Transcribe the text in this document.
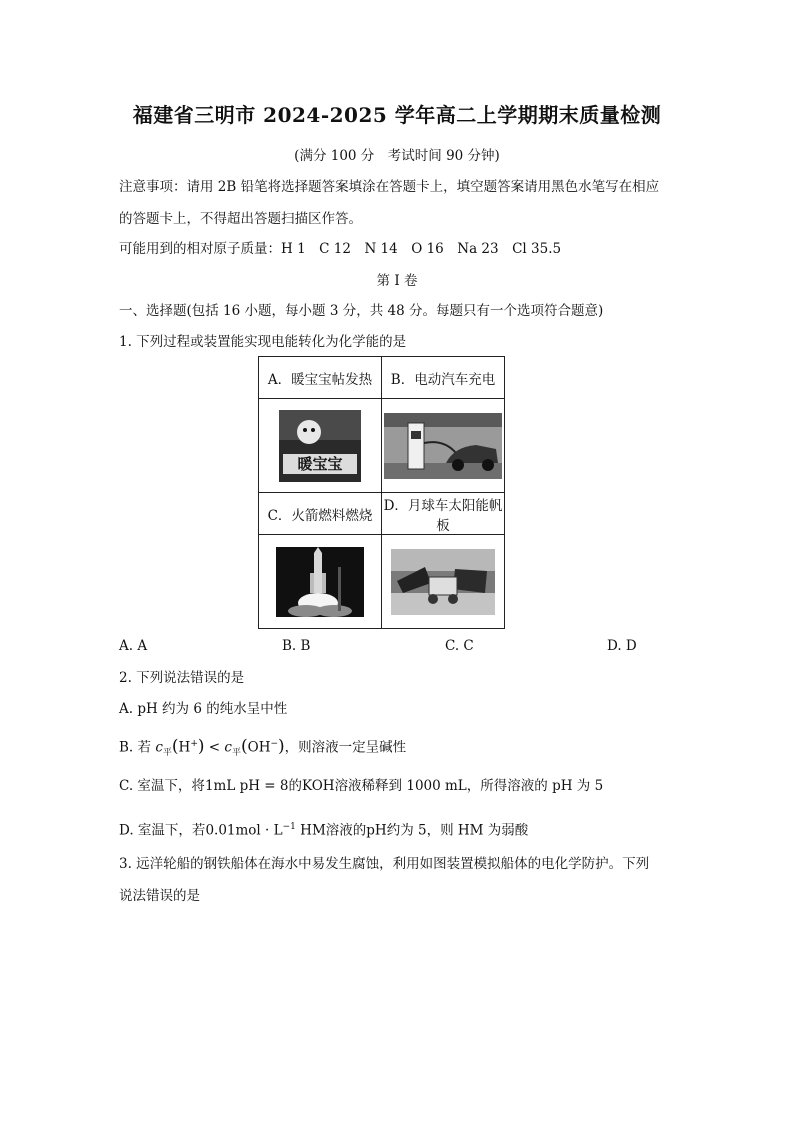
福建省三明市 2024-2025 学年高二上学期期末质量检测
(满分 100 分　考试时间 90 分钟)
注意事项：请用 2B 铅笔将选择题答案填涂在答题卡上，填空题答案请用黑色水笔写在相应
的答题卡上，不得超出答题扫描区作答。
可能用到的相对原子质量：H 1　C 12　N 14　O 16　Na 23　Cl 35.5
第 I 卷
一、选择题(包括 16 小题，每小题 3 分，共 48 分。每题只有一个选项符合题意)
1. 下列过程或装置能实现电能转化为化学能的是
A．暖宝宝帖发热	B．电动汽车充电

暖宝宝

C．火箭燃料燃烧	D．月球车太阳能帆板

A. A	B. B	C. C	D. D
2. 下列说法错误的是
A. pH 约为 6 的纯水呈中性
B. 若 $c_平(H^+) < c_平(OH^-)$，则溶液一定呈碱性
C. 室温下，将1mL pH = 8的KOH溶液稀释到 1000 mL，所得溶液的 pH 为 5
D. 室温下，若$0.01mol \cdot L^{-1}$ HM溶液的pH约为 5，则 HM 为弱酸
3. 远洋轮船的钢铁船体在海水中易发生腐蚀，利用如图装置模拟船体的电化学防护。下列
说法错误的是
